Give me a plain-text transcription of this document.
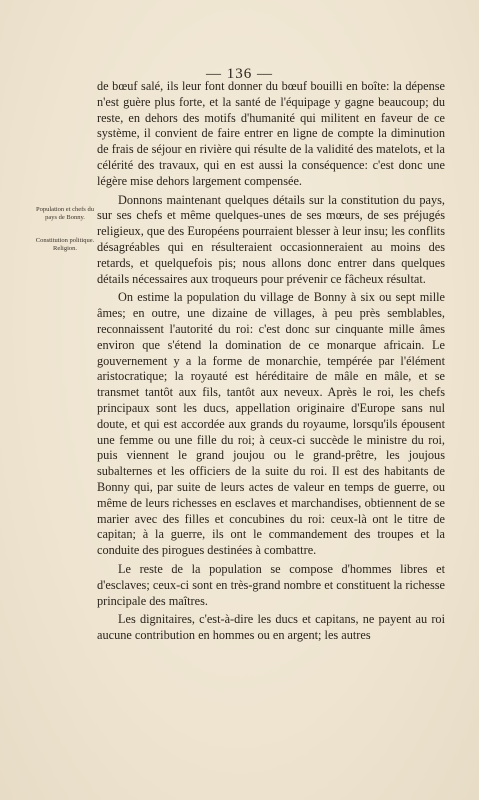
— 136 —
Population et chefs du pays de Bonny.
Constitution politique. Religion.

de bœuf salé, ils leur font donner du bœuf bouilli en boîte: la dépense n'est guère plus forte, et la santé de l'équipage y gagne beaucoup; du reste, en dehors des motifs d'humanité qui militent en faveur de ce système, il convient de faire entrer en ligne de compte la diminution de frais de séjour en rivière qui résulte de la validité des matelots, et la célérité des travaux, qui en est aussi la conséquence: c'est donc une légère mise dehors largement compensée.

Donnons maintenant quelques détails sur la constitution du pays, sur ses chefs et même quelques-unes de ses mœurs, de ses préjugés religieux, que des Européens pourraient blesser à leur insu; les conflits désagréables qui en résulteraient occasionneraient au moins des retards, et quelquefois pis; nous allons donc entrer dans quelques détails nécessaires aux troqueurs pour prévenir ce fâcheux résultat.

On estime la population du village de Bonny à six ou sept mille âmes; en outre, une dizaine de villages, à peu près semblables, reconnaissent l'autorité du roi: c'est donc sur cinquante mille âmes environ que s'étend la domination de ce monarque africain. Le gouvernement y a la forme de monarchie, tempérée par l'élément aristocratique; la royauté est héréditaire de mâle en mâle, et se transmet tantôt aux fils, tantôt aux neveux. Après le roi, les chefs principaux sont les ducs, appellation originaire d'Europe sans nul doute, et qui est accordée aux grands du royaume, lorsqu'ils épousent une femme ou une fille du roi; à ceux-ci succède le ministre du roi, puis viennent le grand joujou ou le grand-prêtre, les joujous subalternes et les officiers de la suite du roi. Il est des habitants de Bonny qui, par suite de leurs actes de valeur en temps de guerre, ou même de leurs richesses en esclaves et marchandises, obtiennent de se marier avec des filles et concubines du roi: ceux-là ont le titre de capitan; à la guerre, ils ont le commandement des troupes et la conduite des pirogues destinées à combattre.

Le reste de la population se compose d'hommes libres et d'esclaves; ceux-ci sont en très-grand nombre et constituent la richesse principale des maîtres.

Les dignitaires, c'est-à-dire les ducs et capitans, ne payent au roi aucune contribution en hommes ou en argent; les autres
